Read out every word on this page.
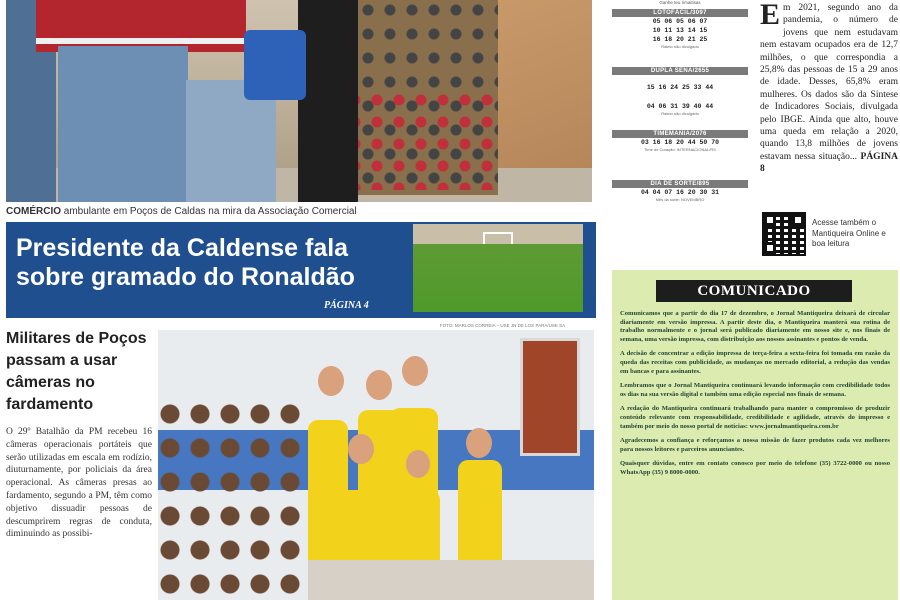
COMÉRCIO ambulante em Poços de Caldas na mira da Associação Comercial
Presidente da Caldense fala sobre gramado do Ronaldão
PÁGINA 4
Militares de Poços passam a usar câmeras no fardamento
O 29º Batalhão da PM recebeu 16 câmeras operacionais portáteis que serão utilizadas em escala em rodízio, diuturnamente, por policiais da área operacional. As câmeras presas ao fardamento, segundo a PM, têm como objetivo dissuadir pessoas de descumprirem regras de conduta, diminuindo as possibi-
FOTO: MARLOS CORREIA – USE JN DE LOS PARA/USE SA
Ganhe teu rimaitisas
LOTOFÁCIL/3097
05 06 05 06 07
10 11 13 14 15
16 18 20 21 25
Rateio não divulgado
DUPLA SENA/2655
15 16 24 25 33 44
04 06 31 39 40 44
Rateio não divulgado
TIMEMANIA/2076
03 16 18 20 44 50 70
Time do Coração: INTERNACIONAL/RS
DIA DE SORTE/895
04 04 07 16 20 30 31
Mês da sorte: NOVEMBRO
Em 2021, segundo ano da pandemia, o número de jovens que nem estudavam nem estavam ocupados era de 12,7 milhões, o que correspondia a 25,8% das pessoas de 15 a 29 anos de idade. Desses, 65,8% eram mulheres. Os dados são da Síntese de Indicadores Sociais, divulgada pelo IBGE. Ainda que alto, houve uma queda em relação a 2020, quando 13,8 milhões de jovens estavam nessa situação... PÁGINA 8
Acesse também o Mantiqueira Online e boa leitura
COMUNICADO

Comunicamos que a partir do dia 17 de dezembro, o Jornal Mantiqueira deixará de circular diariamente em versão impressa. A partir deste dia, o Mantiqueira manterá sua rotina de trabalho normalmente e o jornal será publicado diariamente em nosso site e, nos finais de semana, uma versão impressa, com distribuição aos nossos assinantes e pontos de venda.

A decisão de concentrar a edição impressa de terça-feira a sexta-feira foi tomada em razão da queda das receitas com publicidade, as mudanças no mercado editorial, a redução das vendas em bancas e para assinantes.

Lembramos que o Jornal Mantiqueira continuará levando informação com credibilidade todos os dias na sua versão digital e também uma edição especial nos finais de semana.

A redação do Mantiqueira continuará trabalhando para manter o compromisso de produzir conteúdo relevante com responsabilidade, credibilidade e agilidade, através do impresso e também por meio do nosso portal de notícias: www.jornalmantiqueira.com.br

Agradecemos a confiança e reforçamos a nossa missão de fazer produtos cada vez melhores para nossos leitores e parceiros anunciantes.

Quaisquer dúvidas, entre em contato conosco por meio do telefone (35) 3722-0000 ou nosso WhatsApp (35) 9 8000-0000.
